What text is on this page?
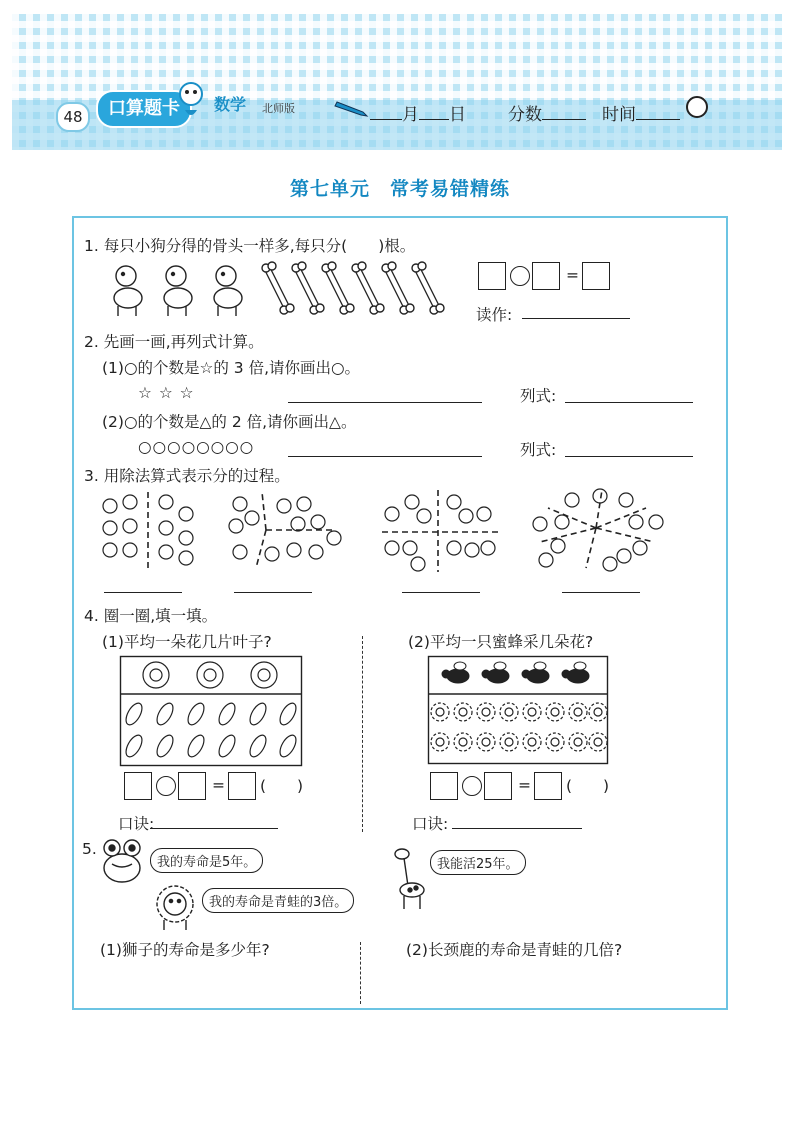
48	口算题卡	数学 北师版	月 日 分数	时间
第七单元　常考易错精练
1. 每只小狗分得的骨头一样多,每只分(　　)根。
=
读作:
2. 先画一画,再列式计算。
(1)○的个数是☆的 3 倍,请你画出○。
☆ ☆ ☆	列式:
(2)○的个数是△的 2 倍,请你画出△。
○○○○○○○○	列式:
3. 用除法算式表示分的过程。
4. 圈一圈,填一填。
(1)平均一朵花几片叶子?	(2)平均一只蜜蜂采几朵花?
= (　　)
口诀:
= (　　)
口诀:
5.
我的寿命是5年。
我的寿命是青蛙的3倍。
我能活25年。
(1)狮子的寿命是多少年?	(2)长颈鹿的寿命是青蛙的几倍?
